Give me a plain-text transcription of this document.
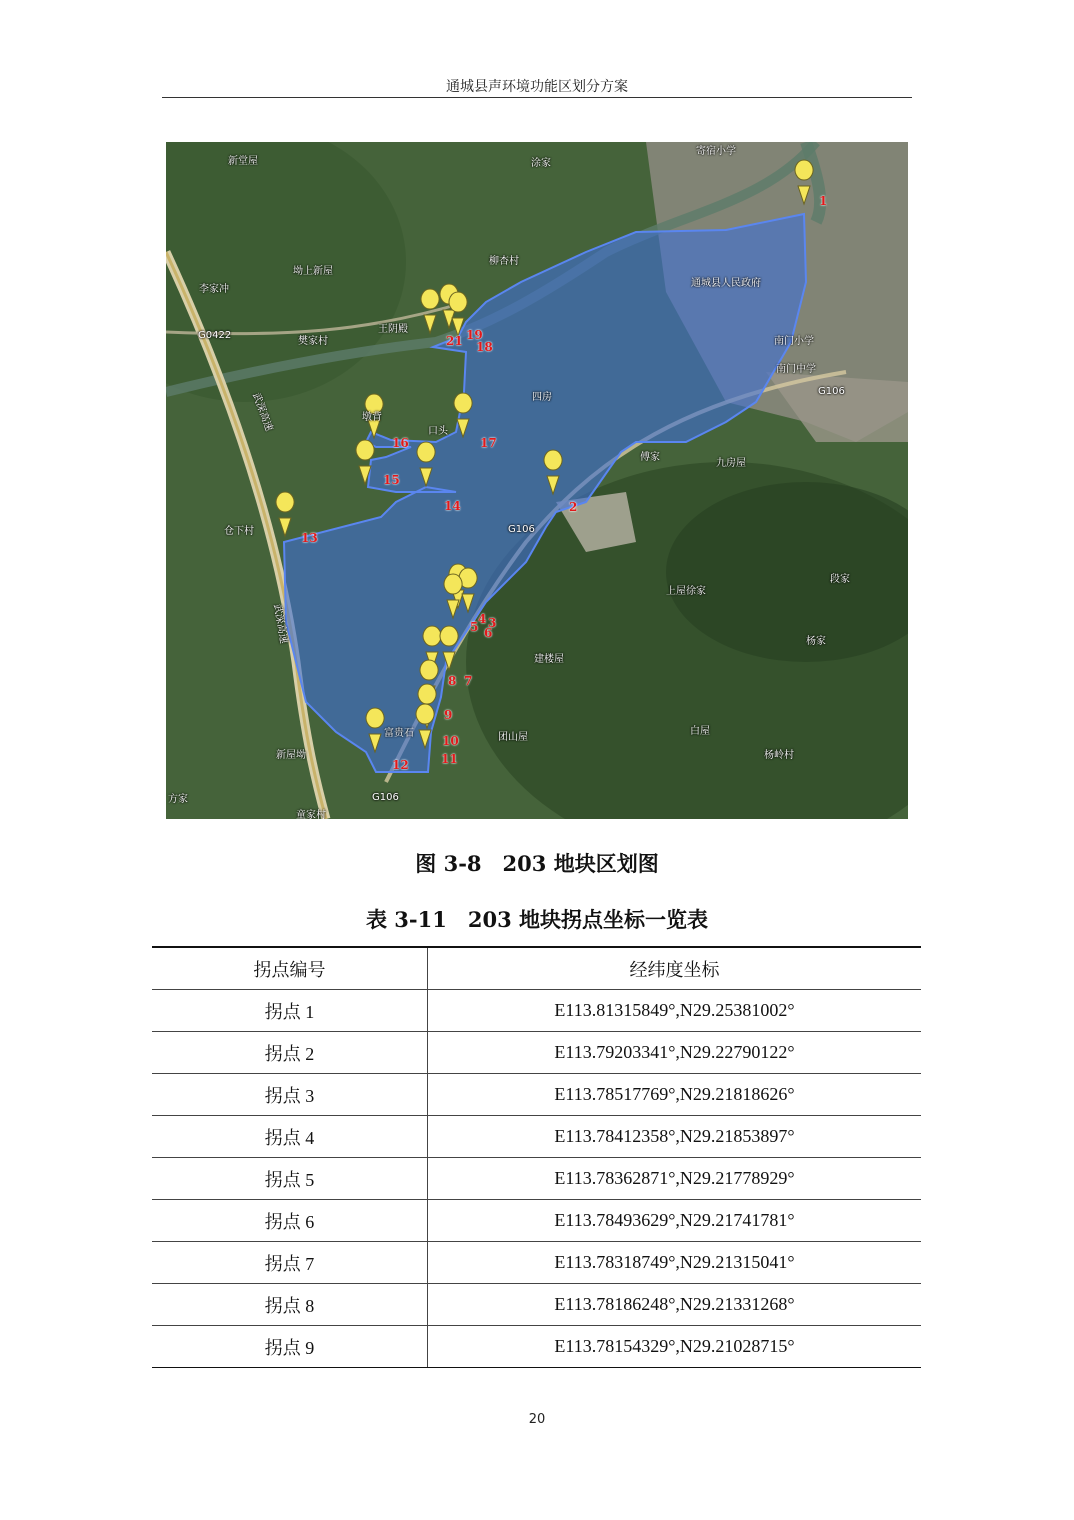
通城县声环境功能区划分方案
新堂屋	涂家
寄宿小学
柳杏村
坳上新屋
李家冲
G0422
樊家村
王阴殿
通城县人民政府
南门小学
南门中学
G106
四房
墩背
口头
傅家
九房屋
仓下村	G106
上屋徐家
段家
杨家
建楼屋
团山屋
白屋
杨岭村
新屋坳
方家	G106
童家村
富贵石
武深高速
武深高速
1
2
3
4
5 6
7
8
9
10
11
12
13
14
15
16	17
18
19
21
图 3-8　203 地块区划图
表 3-11　203 地块拐点坐标一览表
拐点编号	经纬度坐标
拐点 1	E113.81315849°,N29.25381002°
拐点 2	E113.79203341°,N29.22790122°
拐点 3	E113.78517769°,N29.21818626°
拐点 4	E113.78412358°,N29.21853897°
拐点 5	E113.78362871°,N29.21778929°
拐点 6	E113.78493629°,N29.21741781°
拐点 7	E113.78318749°,N29.21315041°
拐点 8	E113.78186248°,N29.21331268°
拐点 9	E113.78154329°,N29.21028715°
20
